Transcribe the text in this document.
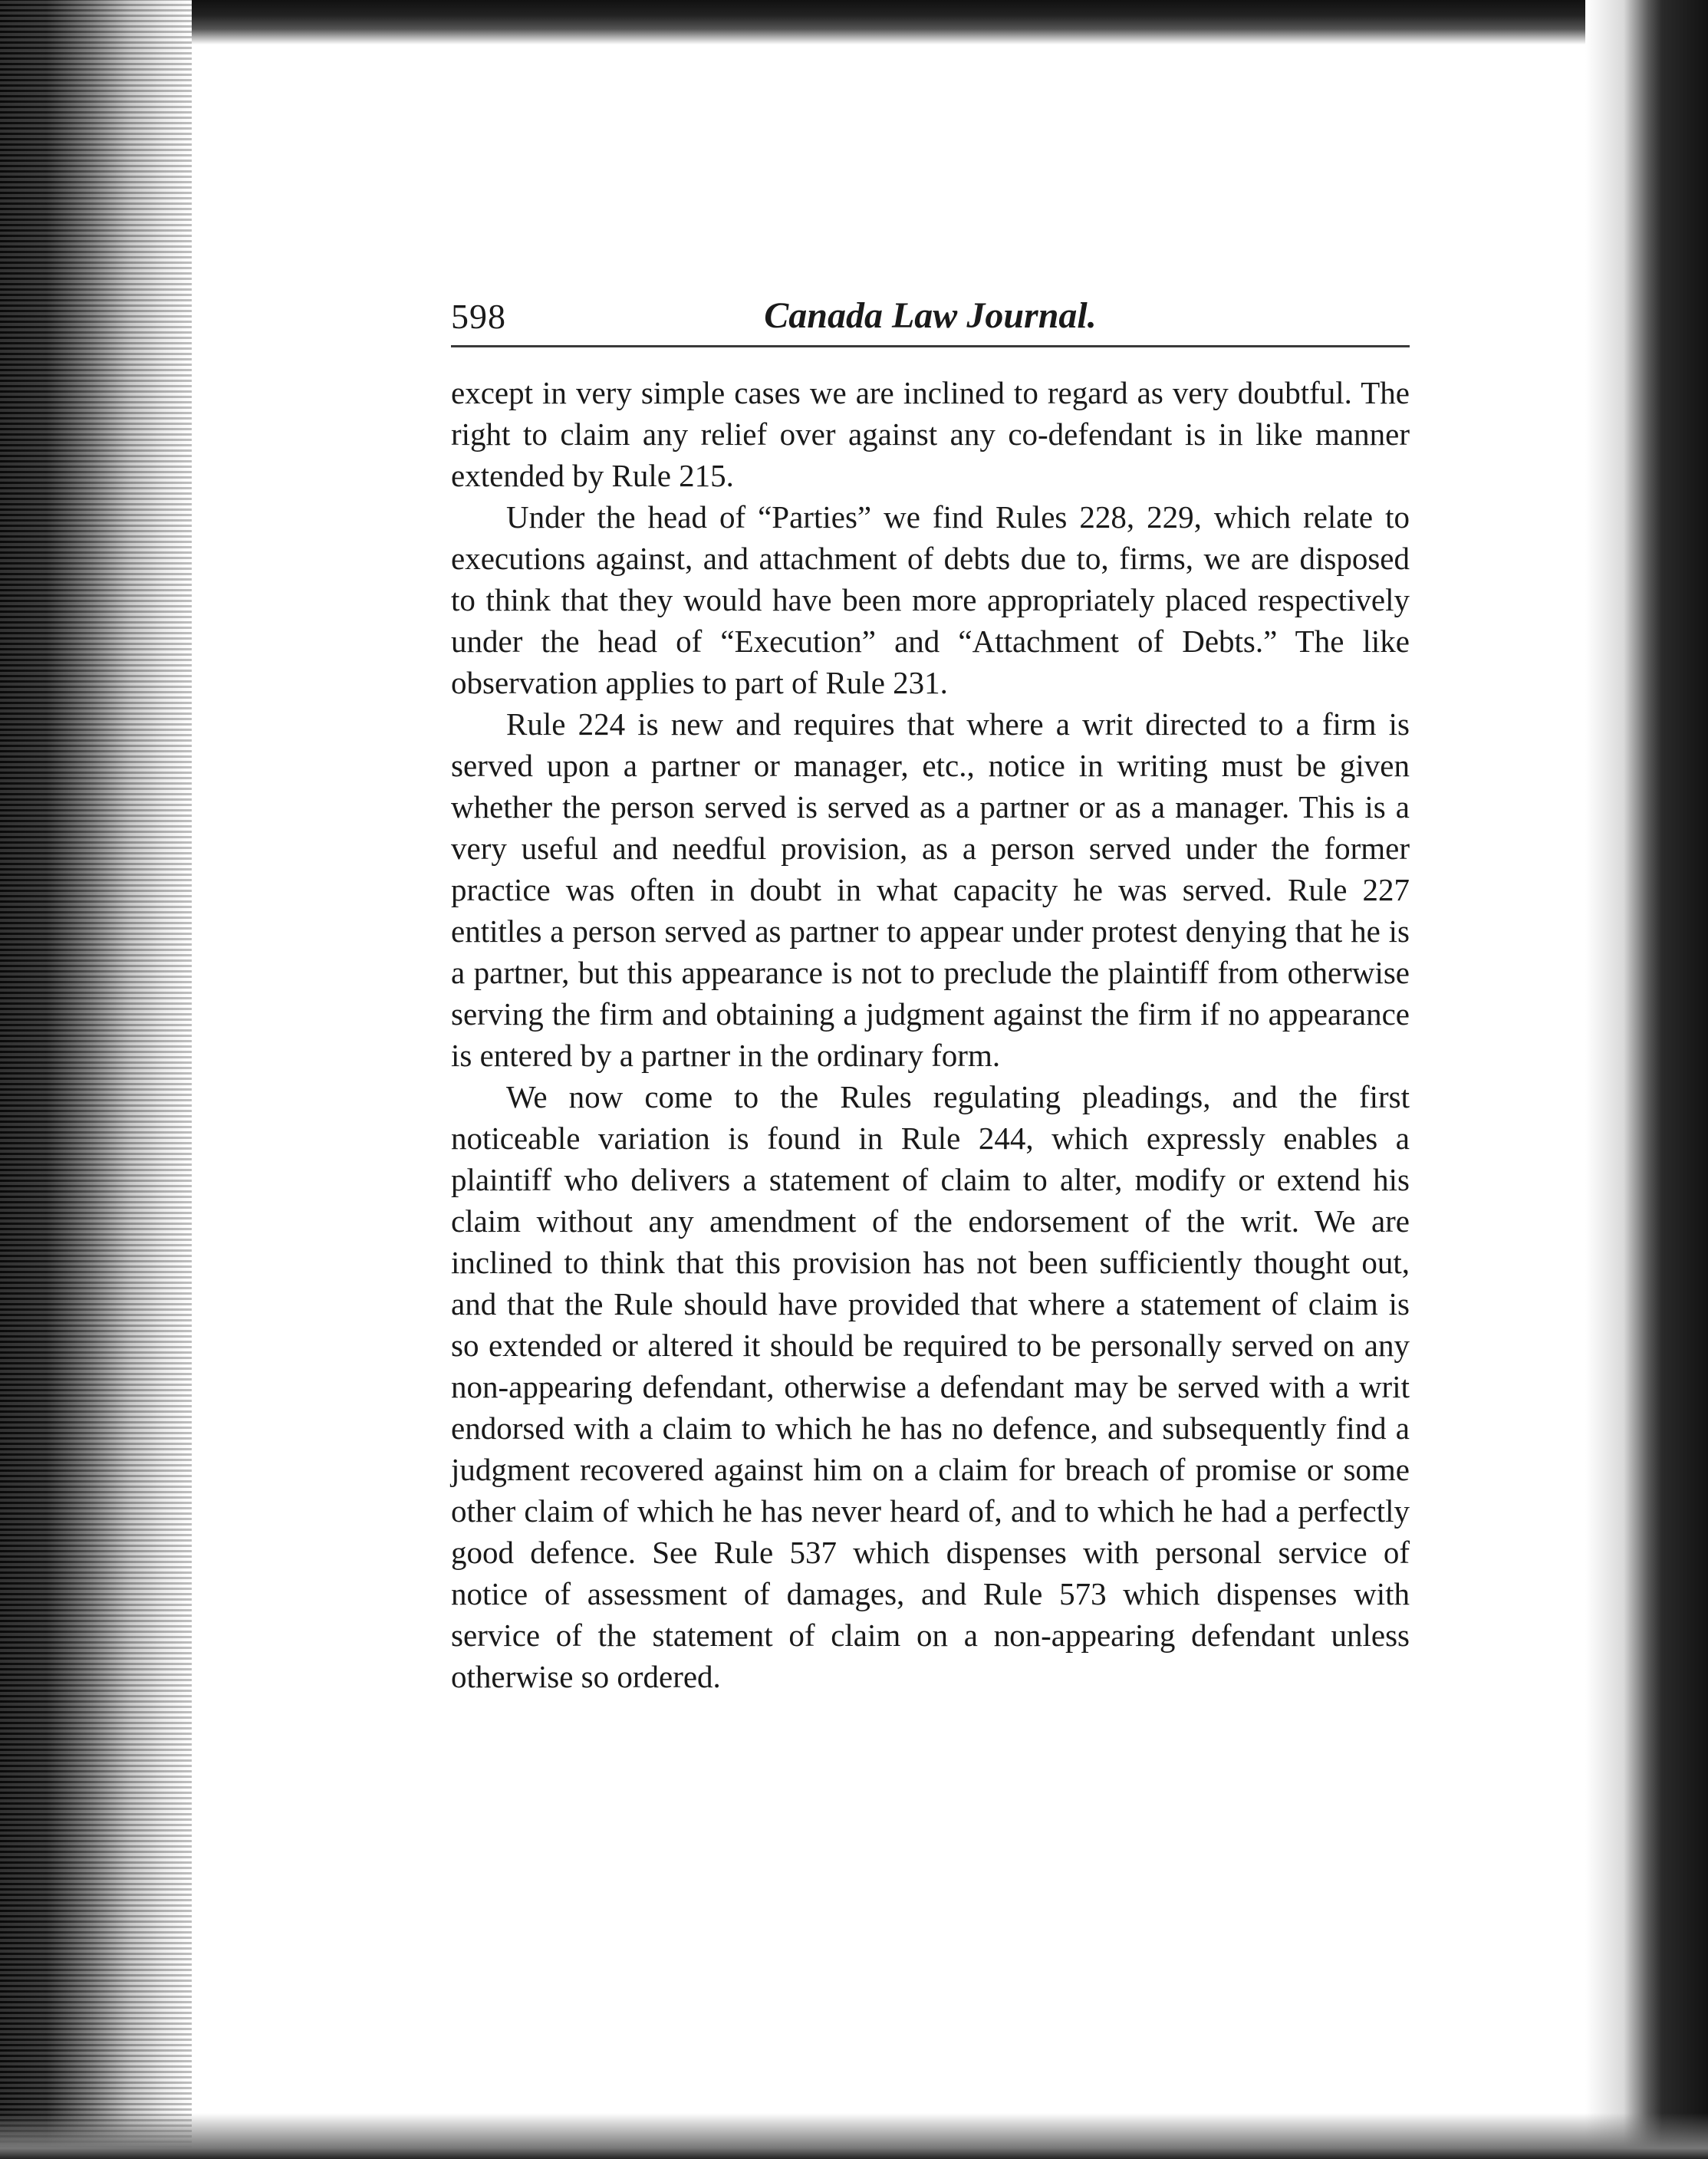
598	Canada Law Journal.

except in very simple cases we are inclined to regard as very doubtful. The right to claim any relief over against any co-defendant is in like manner extended by Rule 215.

Under the head of “Parties” we find Rules 228, 229, which relate to executions against, and attachment of debts due to, firms, we are disposed to think that they would have been more appropriately placed respectively under the head of “Execution” and “Attachment of Debts.” The like observation applies to part of Rule 231.

Rule 224 is new and requires that where a writ directed to a firm is served upon a partner or manager, etc., notice in writing must be given whether the person served is served as a partner or as a manager. This is a very useful and needful provision, as a person served under the former practice was often in doubt in what capacity he was served. Rule 227 entitles a person served as partner to appear under protest denying that he is a partner, but this appearance is not to preclude the plaintiff from otherwise serving the firm and obtaining a judgment against the firm if no appearance is entered by a partner in the ordinary form.

We now come to the Rules regulating pleadings, and the first noticeable variation is found in Rule 244, which expressly enables a plaintiff who delivers a statement of claim to alter, modify or extend his claim without any amendment of the endorsement of the writ. We are inclined to think that this provision has not been sufficiently thought out, and that the Rule should have provided that where a statement of claim is so extended or altered it should be required to be personally served on any non-appearing defendant, otherwise a defendant may be served with a writ endorsed with a claim to which he has no defence, and subsequently find a judgment recovered against him on a claim for breach of promise or some other claim of which he has never heard of, and to which he had a perfectly good defence. See Rule 537 which dispenses with personal service of notice of assessment of damages, and Rule 573 which dispenses with service of the statement of claim on a non-appearing defendant unless otherwise so ordered.
